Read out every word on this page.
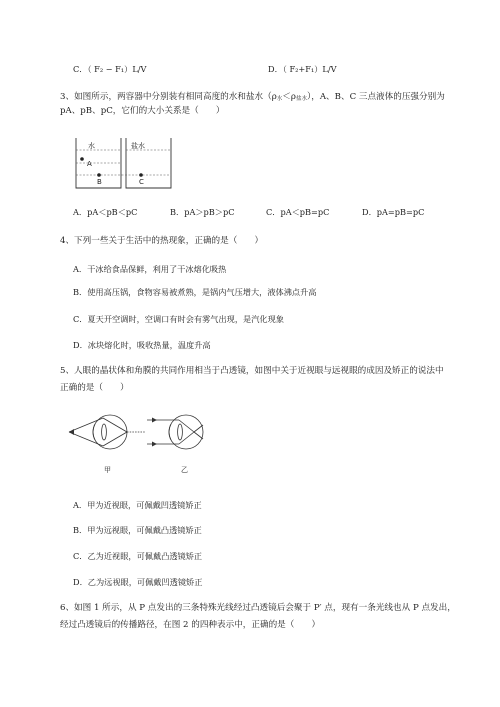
C．（ F₂ − F₁）L/V	D．（ F₂+F₁）L/V
3、如图所示，两容器中分别装有相同高度的水和盐水$(\rho_水<\rho_{盐水})$，A、B、C 三点液体的压强分别为
pA、pB、pC，它们的大小关系是（　　）
水	盐水
A
B	C
A．pA＜pB＜pC	B．pA＞pB＞pC	C．pA＜pB=pC	D．pA=pB=pC
4、下列一些关于生活中的热现象，正确的是（　　）
A．干冰给食品保鲜，利用了干冰熔化吸热
B．使用高压锅，食物容易被煮熟，是锅内气压增大，液体沸点升高
C．夏天开空调时，空调口有时会有雾气出现，是汽化现象
D．冰块熔化时，吸收热量，温度升高
5、人眼的晶状体和角膜的共同作用相当于凸透镜，如图中关于近视眼与远视眼的成因及矫正的说法中
正确的是（　　）
甲	乙
A．甲为近视眼，可佩戴凹透镜矫正
B．甲为远视眼，可佩戴凸透镜矫正
C．乙为近视眼，可佩戴凸透镜矫正
D．乙为远视眼，可佩戴凹透镜矫正
6、如图 1 所示，从 P 点发出的三条特殊光线经过凸透镜后会聚于 P′ 点，现有一条光线也从 P 点发出，
经过凸透镜后的传播路径，在图 2 的四种表示中，正确的是（　　）
